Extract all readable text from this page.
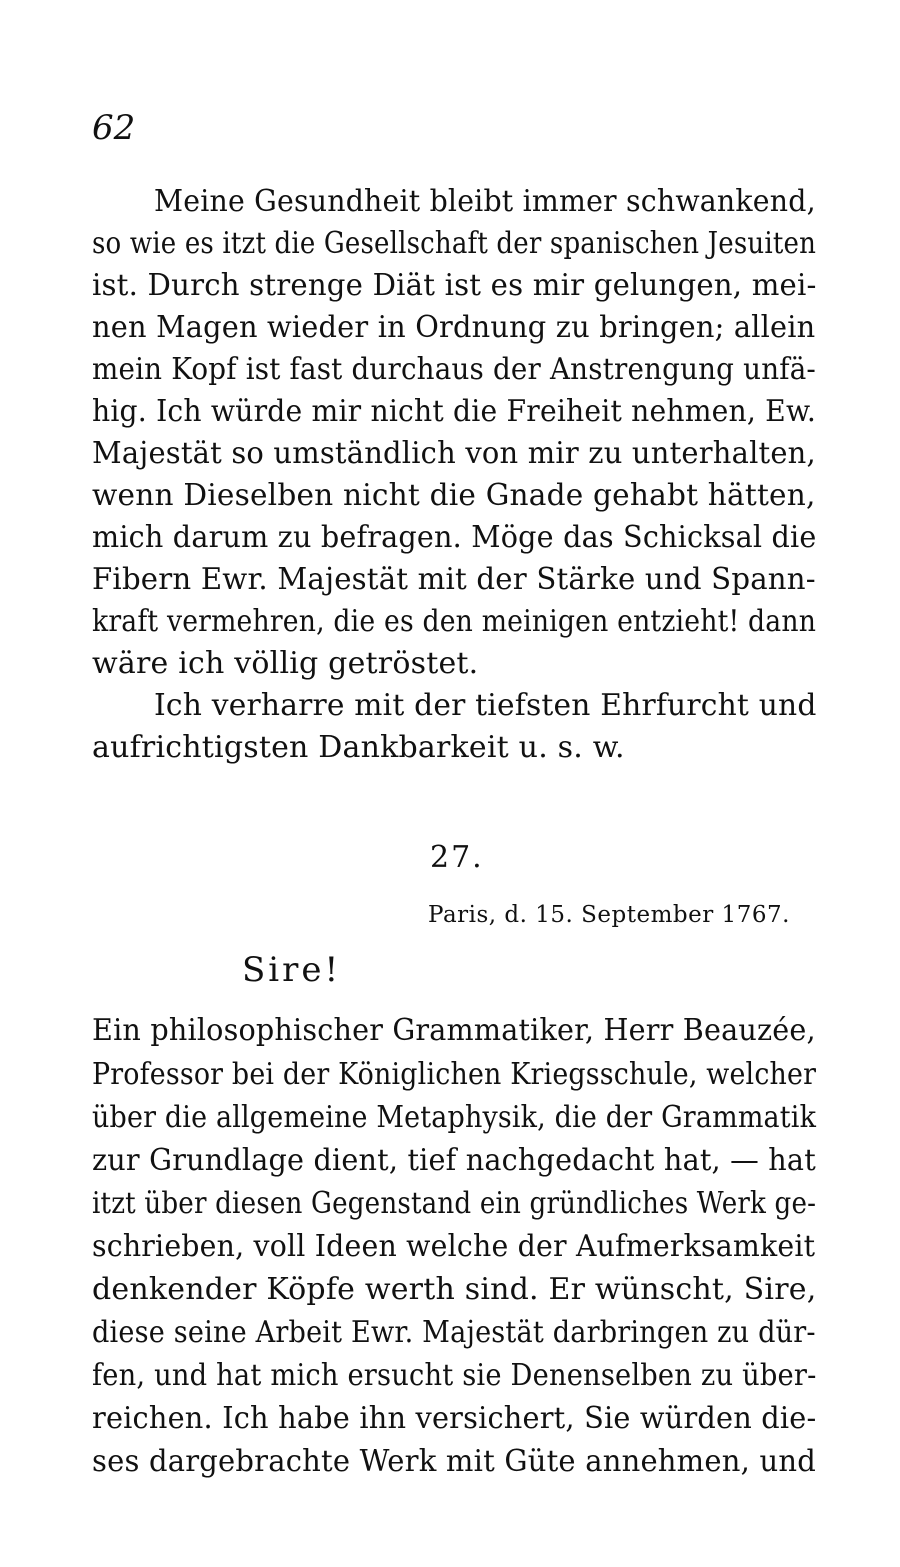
62
Meine Gesundheit bleibt immer schwankend,
so wie es itzt die Gesellschaft der spanischen Jesuiten
ist. Durch strenge Diät ist es mir gelungen, mei-
nen Magen wieder in Ordnung zu bringen; allein
mein Kopf ist fast durchaus der Anstrengung unfä-
hig. Ich würde mir nicht die Freiheit nehmen, Ew.
Majestät so umständlich von mir zu unterhalten,
wenn Dieselben nicht die Gnade gehabt hätten,
mich darum zu befragen. Möge das Schicksal die
Fibern Ewr. Majestät mit der Stärke und Spann-
kraft vermehren, die es den meinigen entzieht! dann
wäre ich völlig getröstet.
Ich verharre mit der tiefsten Ehrfurcht und
aufrichtigsten Dankbarkeit u. s. w.
27.
Paris, d. 15. September 1767.
Sire!
Ein philosophischer Grammatiker, Herr Beauzée,
Professor bei der Königlichen Kriegsschule, welcher
über die allgemeine Metaphysik, die der Grammatik
zur Grundlage dient, tief nachgedacht hat, — hat
itzt über diesen Gegenstand ein gründliches Werk ge-
schrieben, voll Ideen welche der Aufmerksamkeit
denkender Köpfe werth sind. Er wünscht, Sire,
diese seine Arbeit Ewr. Majestät darbringen zu dür-
fen, und hat mich ersucht sie Denenselben zu über-
reichen. Ich habe ihn versichert, Sie würden die-
ses dargebrachte Werk mit Güte annehmen, und
